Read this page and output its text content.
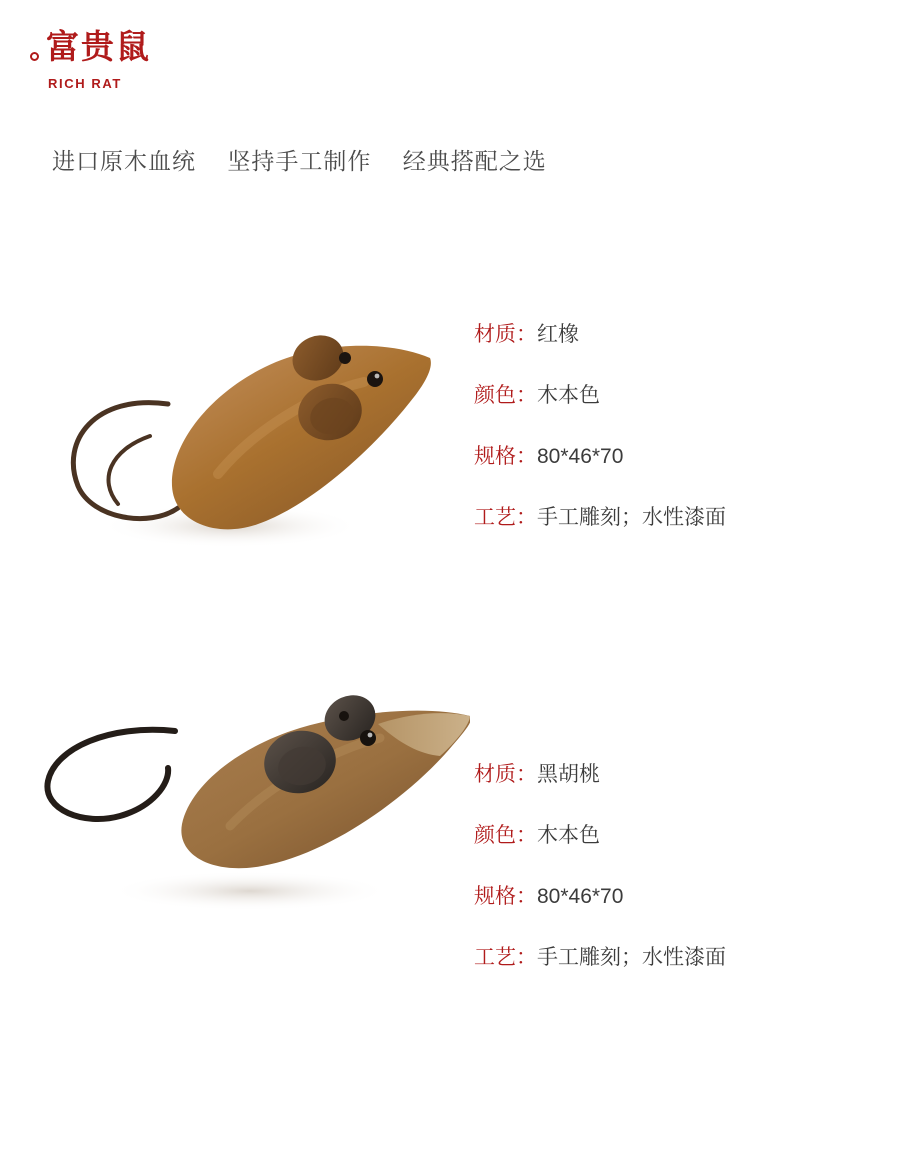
富贵鼠
RICH RAT
进口原木血统 坚持手工制作 经典搭配之选
材质：红橡
颜色：木本色
规格：80*46*70
工艺：手工雕刻；水性漆面
材质：黑胡桃
颜色：木本色
规格：80*46*70
工艺：手工雕刻；水性漆面
